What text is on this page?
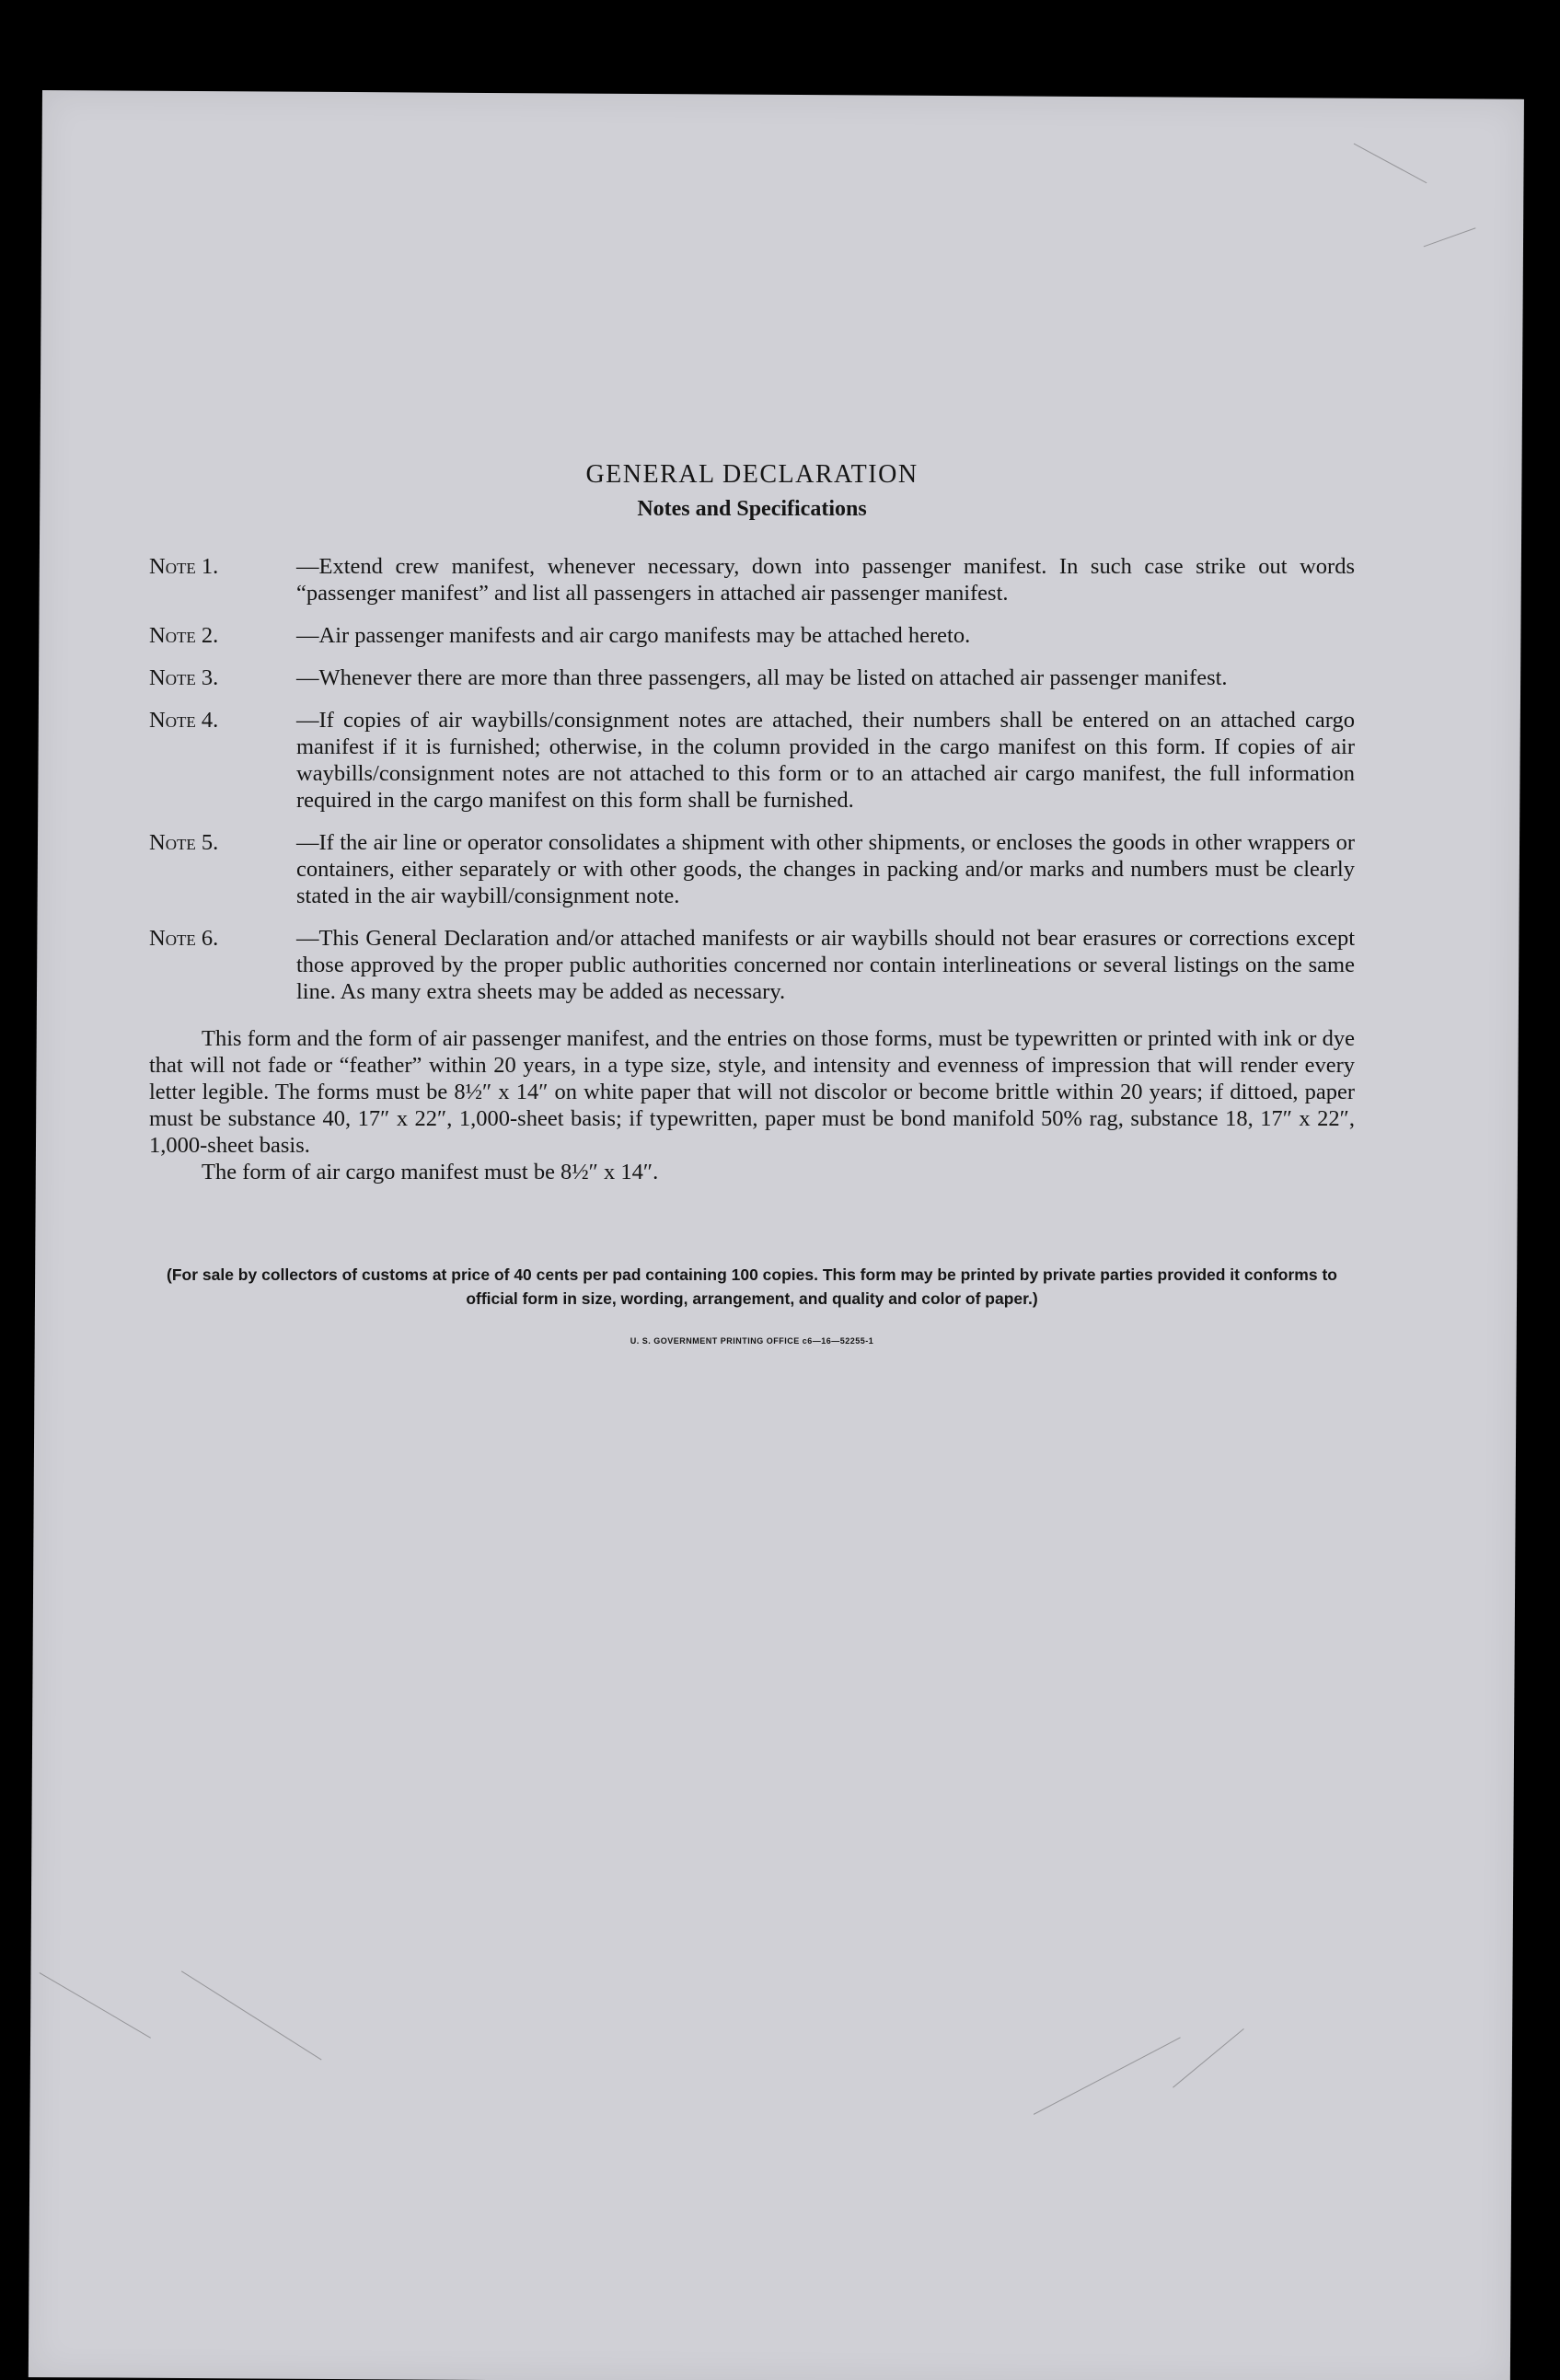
GENERAL DECLARATION
Notes and Specifications
Note 1.	—Extend crew manifest, whenever necessary, down into passenger manifest. In such case strike out words “passenger manifest” and list all passengers in attached air passenger manifest.
Note 2.	—Air passenger manifests and air cargo manifests may be attached hereto.
Note 3.	—Whenever there are more than three passengers, all may be listed on attached air passenger manifest.
Note 4.	—If copies of air waybills/consignment notes are attached, their numbers shall be entered on an attached cargo manifest if it is furnished; otherwise, in the column provided in the cargo manifest on this form. If copies of air waybills/consignment notes are not attached to this form or to an attached air cargo manifest, the full information required in the cargo manifest on this form shall be furnished.
Note 5.	—If the air line or operator consolidates a shipment with other shipments, or encloses the goods in other wrappers or containers, either separately or with other goods, the changes in packing and/or marks and numbers must be clearly stated in the air waybill/consignment note.
Note 6.	—This General Declaration and/or attached manifests or air waybills should not bear erasures or corrections except those approved by the proper public authorities concerned nor contain interlineations or several listings on the same line. As many extra sheets may be added as necessary.
This form and the form of air passenger manifest, and the entries on those forms, must be typewritten or printed with ink or dye that will not fade or “feather” within 20 years, in a type size, style, and intensity and evenness of impression that will render every letter legible. The forms must be 8½″ x 14″ on white paper that will not discolor or become brittle within 20 years; if dittoed, paper must be substance 40, 17″ x 22″, 1,000-sheet basis; if typewritten, paper must be bond manifold 50% rag, substance 18, 17″ x 22″, 1,000-sheet basis.
The form of air cargo manifest must be 8½″ x 14″.
(For sale by collectors of customs at price of 40 cents per pad containing 100 copies. This form may be printed by private parties provided it conforms to official form in size, wording, arrangement, and quality and color of paper.)
U. S. GOVERNMENT PRINTING OFFICE c6—16—52255-1
